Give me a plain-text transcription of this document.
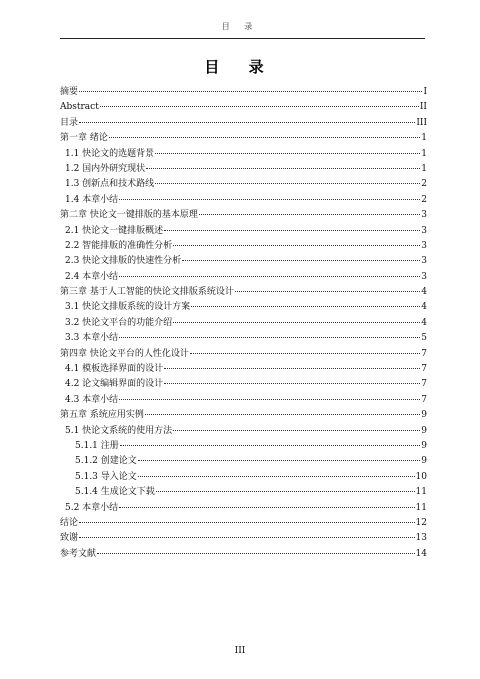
目 录
目 录
摘要	I
Abstract	II
目录	III
第一章 绪论	1
1.1 快论文的选题背景	1
1.2 国内外研究现状	1
1.3 创新点和技术路线	2
1.4 本章小结	2
第二章 快论文一键排版的基本原理	3
2.1 快论文一键排版概述	3
2.2 智能排版的准确性分析	3
2.3 快论文排版的快速性分析	3
2.4 本章小结	3
第三章 基于人工智能的快论文排版系统设计	4
3.1 快论文排版系统的设计方案	4
3.2 快论文平台的功能介绍	4
3.3 本章小结	5
第四章 快论文平台的人性化设计	7
4.1 模板选择界面的设计	7
4.2 论文编辑界面的设计	7
4.3 本章小结	7
第五章 系统应用实例	9
5.1 快论文系统的使用方法	9
5.1.1 注册	9
5.1.2 创建论文	9
5.1.3 导入论文	10
5.1.4 生成论文下载	11
5.2 本章小结	11
结论	12
致谢	13
参考文献	14
III
